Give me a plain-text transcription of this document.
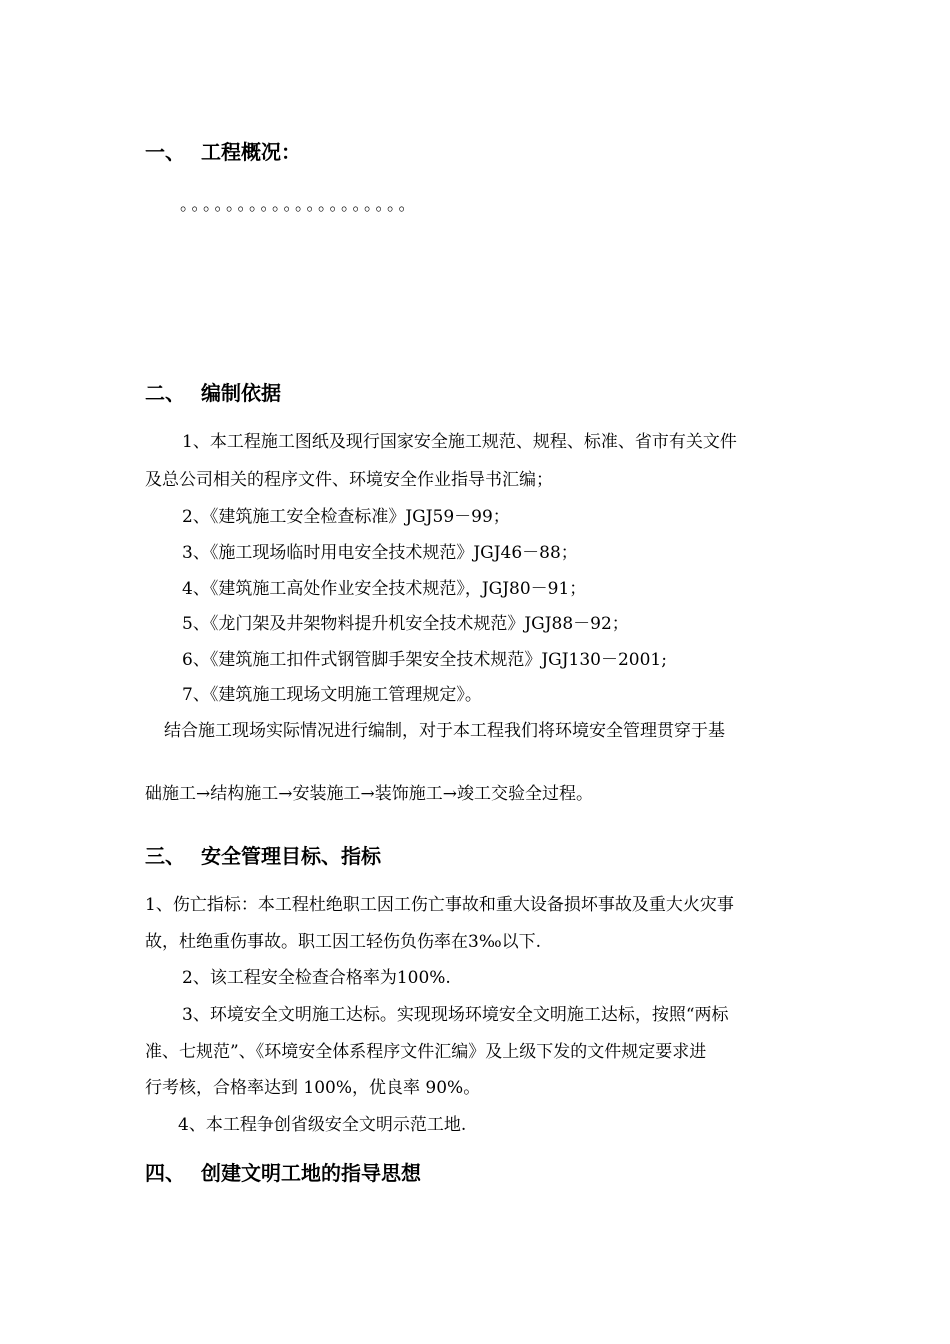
一、 工程概况：
。。。。。。。。。。。。。。。。。。。。
二、 编制依据

1、本工程施工图纸及现行国家安全施工规范、规程、标准、省市有关文件

及总公司相关的程序文件、环境安全作业指导书汇编；

2、《建筑施工安全检查标准》JGJ59－99；

3、《施工现场临时用电安全技术规范》JGJ46－88；

4、《建筑施工高处作业安全技术规范》，JGJ80－91；

5、《龙门架及井架物料提升机安全技术规范》JGJ88－92；

6、《建筑施工扣件式钢管脚手架安全技术规范》JGJ130－2001;

7、《建筑施工现场文明施工管理规定》。

结合施工现场实际情况进行编制，对于本工程我们将环境安全管理贯穿于基

础施工→结构施工→安装施工→装饰施工→竣工交验全过程。

三、 安全管理目标、指标

1、伤亡指标：本工程杜绝职工因工伤亡事故和重大设备损坏事故及重大火灾事

故，杜绝重伤事故。职工因工轻伤负伤率在3‰以下.

2、该工程安全检查合格率为100%.

3、环境安全文明施工达标。实现现场环境安全文明施工达标，按照“两标

准、七规范”、《环境安全体系程序文件汇编》及上级下发的文件规定要求进

行考核，合格率达到 100%，优良率 90%。

4、本工程争创省级安全文明示范工地.

四、 创建文明工地的指导思想
